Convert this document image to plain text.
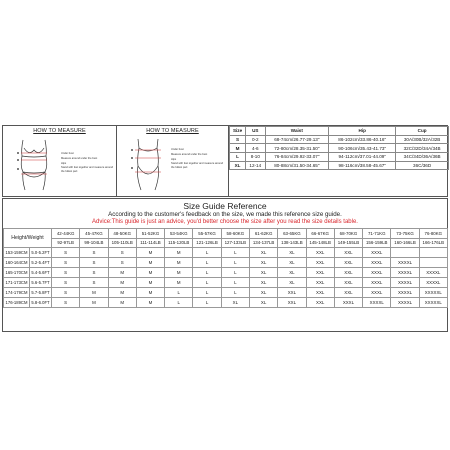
HOW TO MEASURE
Under bust
Measure around under the bust
Hips
Stand with feet together and measure around the fullest part
HOW TO MEASURE
Under bust
Measure around under the bust
Hips
Stand with feet together and measure around the fullest part
Size	US	Waist	Hip	Cup
S	0-2	68-74cm/26.77-29.13"	86-102cm/33.86-40.16"	30A/30B/32A/32B
M	4-6	72-80cm/28.35-31.50"	90-106cm/35.43-41.73"	32C/32D/34A/34B
L	8-10	76-84cm/29.92-33.07"	94-112cm/37.01-44.09"	34C/34D/36A/36B
XL	12-14	80-88cm/31.50-34.65"	98-116cm/38.58-45.67"	36C/36D
Size Guide Reference
According to the customer's feedback on the size, we made this reference size guide.
Advice:This guide is just an advice, you'd better choose the size after you read the size details table.
Height/Weight		42-44KG	45-47KG	48-50KG	51-52KG	53-54KG	55-57KG	58-60KG	61-62KG	63-65KG	66-67KG	68-70KG	71-71KG	73-75KG	76-80KG
		92-97LB	99-104LB	105-110LB	111-114LB	115-120LB	121-126LB	127-133LB	134-137LB	138-143LB	145-148LB	149-155LB	156-159LB	160-166LB	166-176LB
153-159CM	5.0-5.2FT	S	S	S	M	M	L	L	XL	XL	XXL	XXL	XXXL		
160-164CM	5.2-5.4FT	S	S	S	M	M	L	L	XL	XL	XXL	XXL	XXXL	XXXXL	
165-170CM	5.4-5.6FT	S	S	M	M	M	L	L	XL	XL	XXL	XXL	XXXL	XXXXL	XXXXL
171-173CM	5.6-5.7FT	S	S	M	M	M	L	L	XL	XL	XXL	XXL	XXXL	XXXXL	XXXXL
174-179CM	5.7-5.8FT	S	M	M	M	L	L	L	XL	XXL	XXL	XXL	XXXL	XXXXL	XXXXXL
176-189CM	5.8-6.0FT	S	M	M	M	L	L	XL	XL	XXL	XXL	XXXL	XXXXL	XXXXL	XXXXXL
